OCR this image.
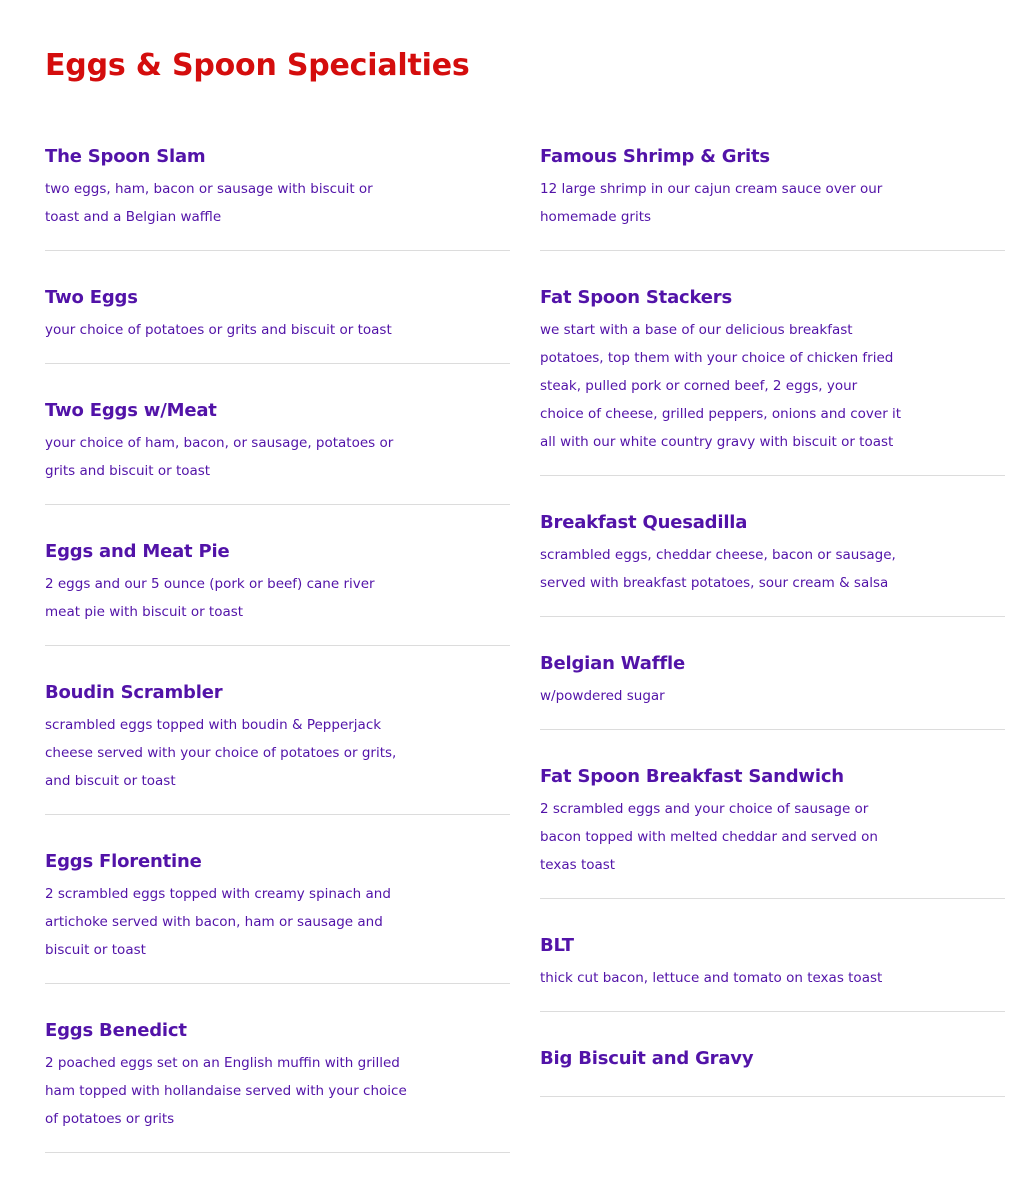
Eggs & Spoon Specialties
The Spoon Slam

two eggs, ham, bacon or sausage with biscuit or toast and a Belgian waffle

Two Eggs

your choice of potatoes or grits and biscuit or toast

Two Eggs w/Meat

your choice of ham, bacon, or sausage, potatoes or grits and biscuit or toast

Eggs and Meat Pie

2 eggs and our 5 ounce (pork or beef) cane river meat pie with biscuit or toast

Boudin Scrambler

scrambled eggs topped with boudin & Pepperjack cheese served with your choice of potatoes or grits, and biscuit or toast

Eggs Florentine

2 scrambled eggs topped with creamy spinach and artichoke served with bacon, ham or sausage and biscuit or toast

Eggs Benedict

2 poached eggs set on an English muffin with grilled ham topped with hollandaise served with your choice of potatoes or grits

Famous Shrimp & Grits

12 large shrimp in our cajun cream sauce over our homemade grits

Fat Spoon Stackers

we start with a base of our delicious breakfast potatoes, top them with your choice of chicken fried steak, pulled pork or corned beef, 2 eggs, your choice of cheese, grilled peppers, onions and cover it all with our white country gravy with biscuit or toast

Breakfast Quesadilla

scrambled eggs, cheddar cheese, bacon or sausage, served with breakfast potatoes, sour cream & salsa

Belgian Waffle

w/powdered sugar

Fat Spoon Breakfast Sandwich

2 scrambled eggs and your choice of sausage or bacon topped with melted cheddar and served on texas toast

BLT

thick cut bacon, lettuce and tomato on texas toast

Big Biscuit and Gravy
